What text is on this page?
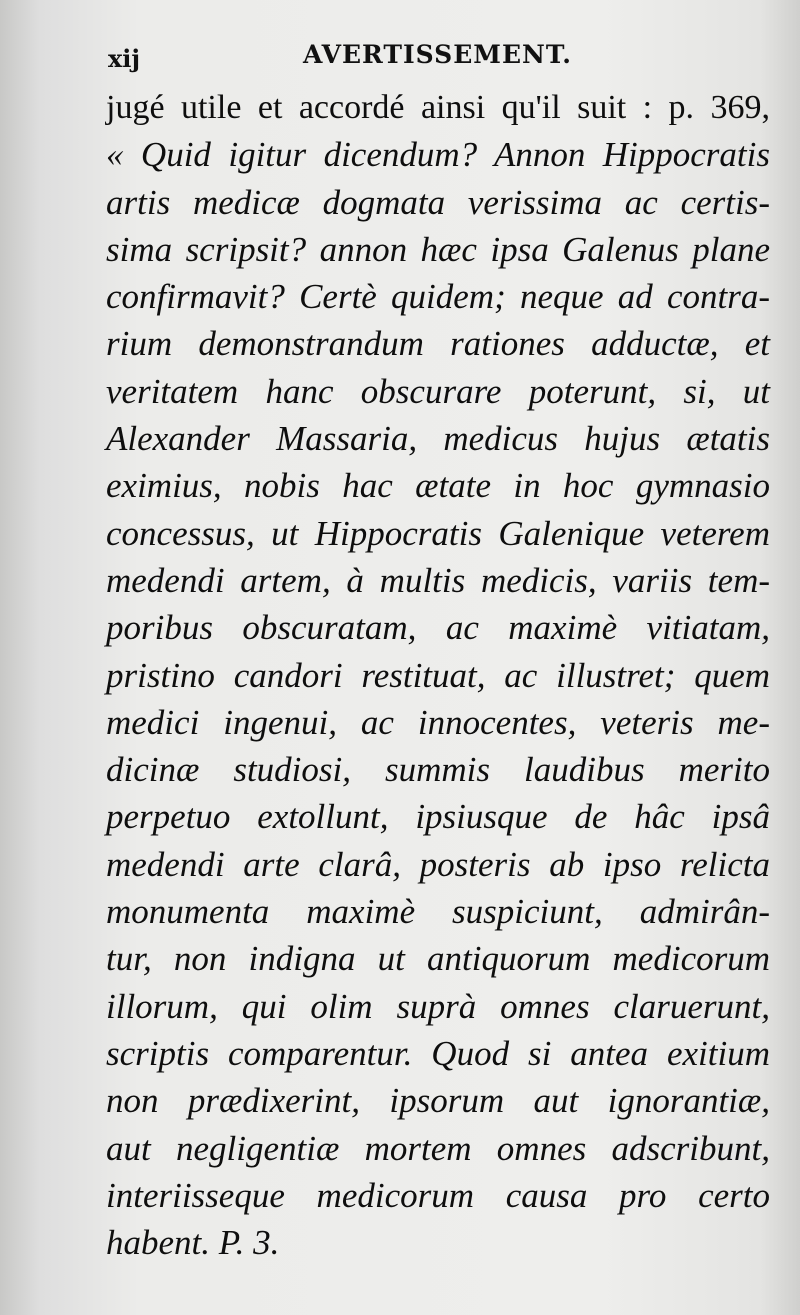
xij	AVERTISSEMENT.
jugé utile et accordé ainsi qu'il suit : p. 369,
« Quid igitur dicendum? Annon Hippocratis
artis medicæ dogmata verissima ac certis-
sima scripsit? annon hæc ipsa Galenus plane
confirmavit? Certè quidem; neque ad contra-
rium demonstrandum rationes adductæ, et
veritatem hanc obscurare poterunt, si, ut
Alexander Massaria, medicus hujus ætatis
eximius, nobis hac ætate in hoc gymnasio
concessus, ut Hippocratis Galenique veterem
medendi artem, à multis medicis, variis tem-
poribus obscuratam, ac maximè vitiatam,
pristino candori restituat, ac illustret; quem
medici ingenui, ac innocentes, veteris me-
dicinæ studiosi, summis laudibus merito
perpetuo extollunt, ipsiusque de hâc ipsâ
medendi arte clarâ, posteris ab ipso relicta
monumenta maximè suspiciunt, admirân-
tur, non indigna ut antiquorum medicorum
illorum, qui olim suprà omnes claruerunt,
scriptis comparentur. Quod si antea exitium
non prædixerint, ipsorum aut ignorantiæ,
aut negligentiæ mortem omnes adscribunt,
interiisseque medicorum causa pro certo
habent. P. 3.
